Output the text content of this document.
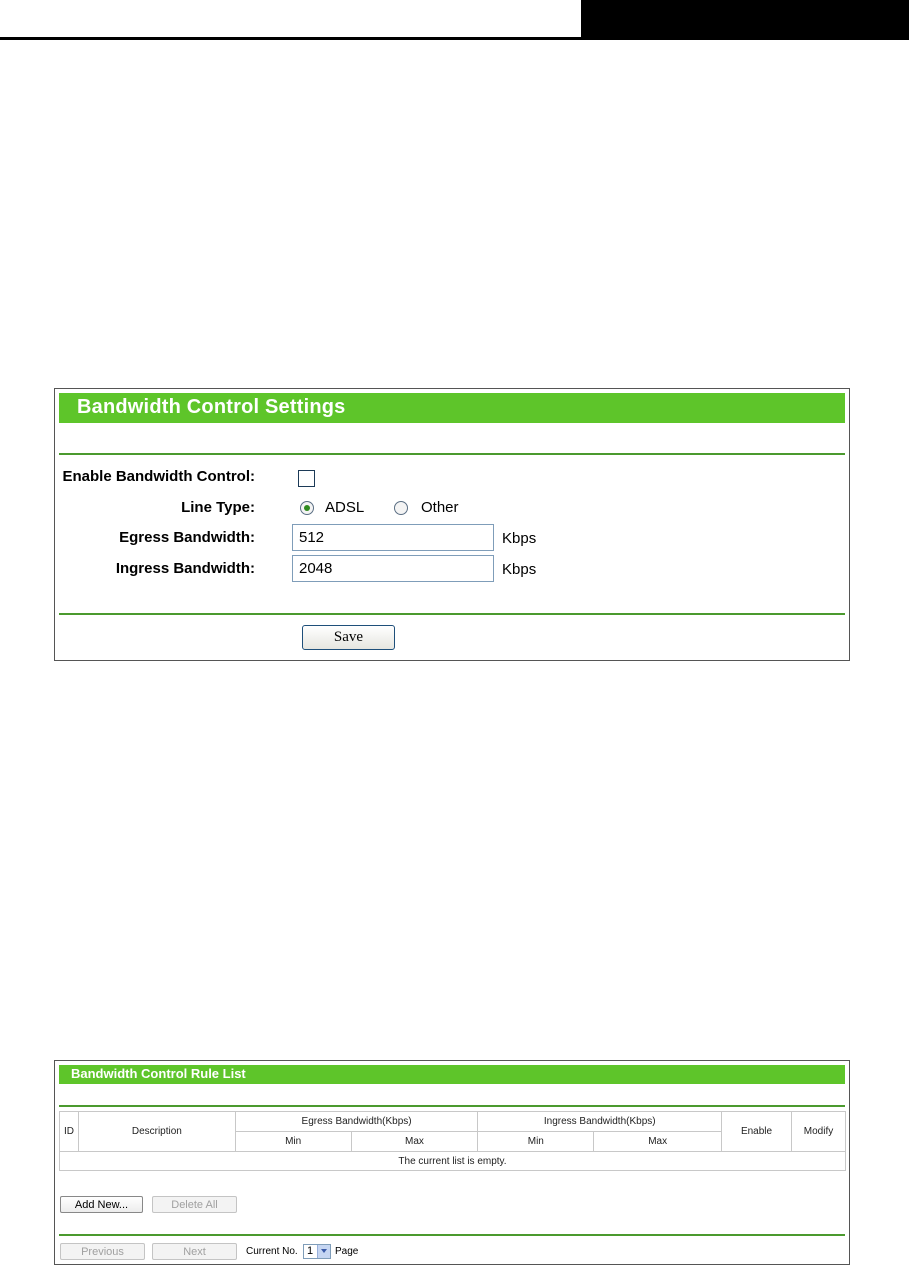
Bandwidth Control Settings
Enable Bandwidth Control:
Line Type:	ADSL	Other
Egress Bandwidth:
512	Kbps
Ingress Bandwidth:
2048	Kbps
Save
Bandwidth Control Rule List
ID	Description	Egress Bandwidth(Kbps)		Ingress Bandwidth(Kbps)		Enable	Modify
		Min	Max	Min	Max		
The current list is empty.							
Add New...	Delete All
Previous	Next	Current No. 1 Page
